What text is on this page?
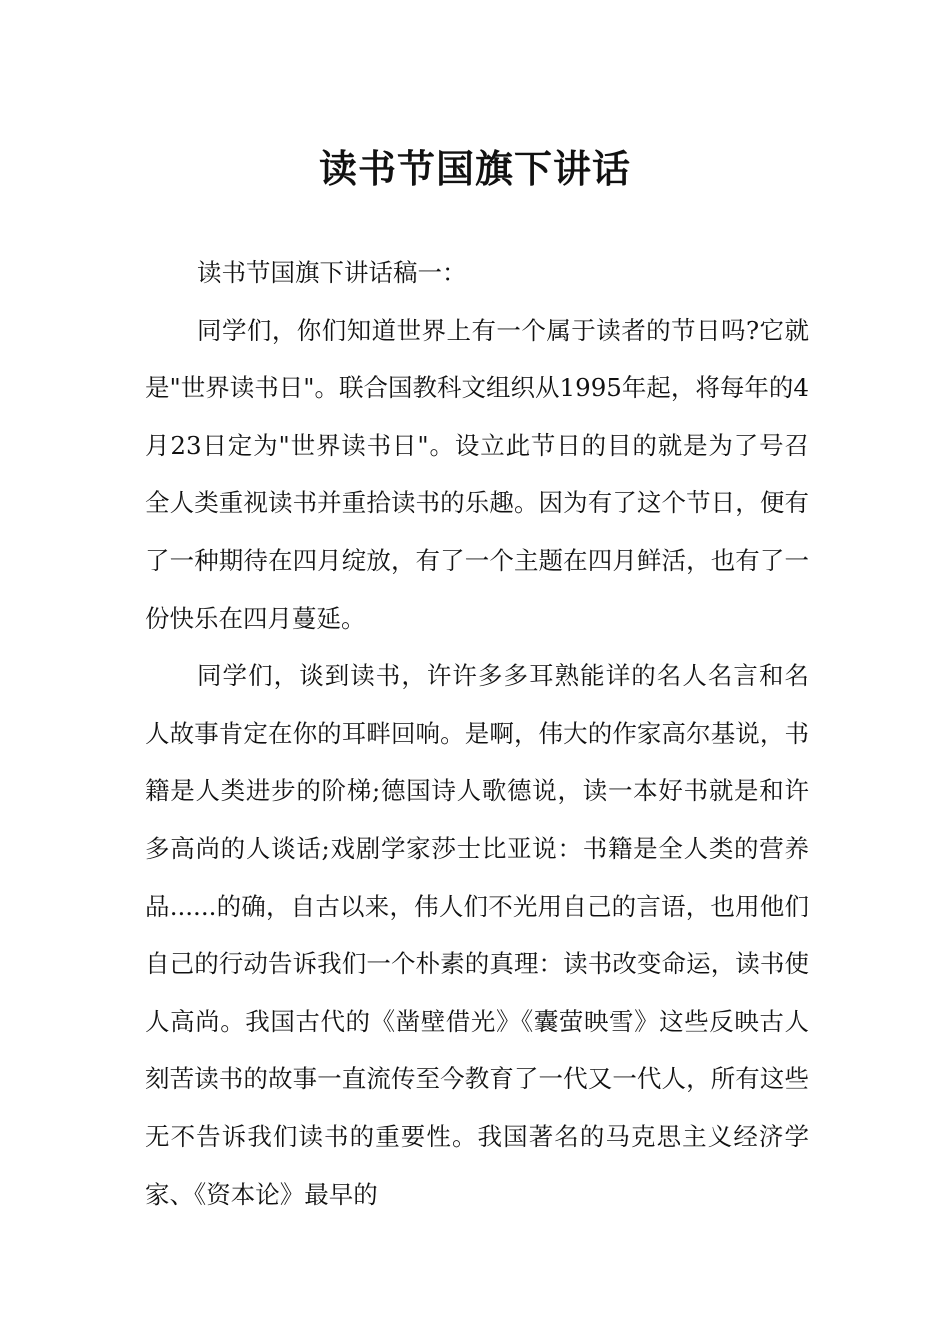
读书节国旗下讲话

读书节国旗下讲话稿一：

同学们，你们知道世界上有一个属于读者的节日吗?它就是"世界读书日"。联合国教科文组织从1995年起，将每年的4月23日定为"世界读书日"。设立此节日的目的就是为了号召全人类重视读书并重拾读书的乐趣。因为有了这个节日，便有了一种期待在四月绽放，有了一个主题在四月鲜活，也有了一份快乐在四月蔓延。

同学们，谈到读书，许许多多耳熟能详的名人名言和名人故事肯定在你的耳畔回响。是啊，伟大的作家高尔基说，书籍是人类进步的阶梯;德国诗人歌德说，读一本好书就是和许多高尚的人谈话;戏剧学家莎士比亚说：书籍是全人类的营养品......的确，自古以来，伟人们不光用自己的言语，也用他们自己的行动告诉我们一个朴素的真理：读书改变命运，读书使人高尚。我国古代的《凿壁借光》《囊萤映雪》这些反映古人刻苦读书的故事一直流传至今教育了一代又一代人，所有这些无不告诉我们读书的重要性。我国著名的马克思主义经济学家、《资本论》最早的
